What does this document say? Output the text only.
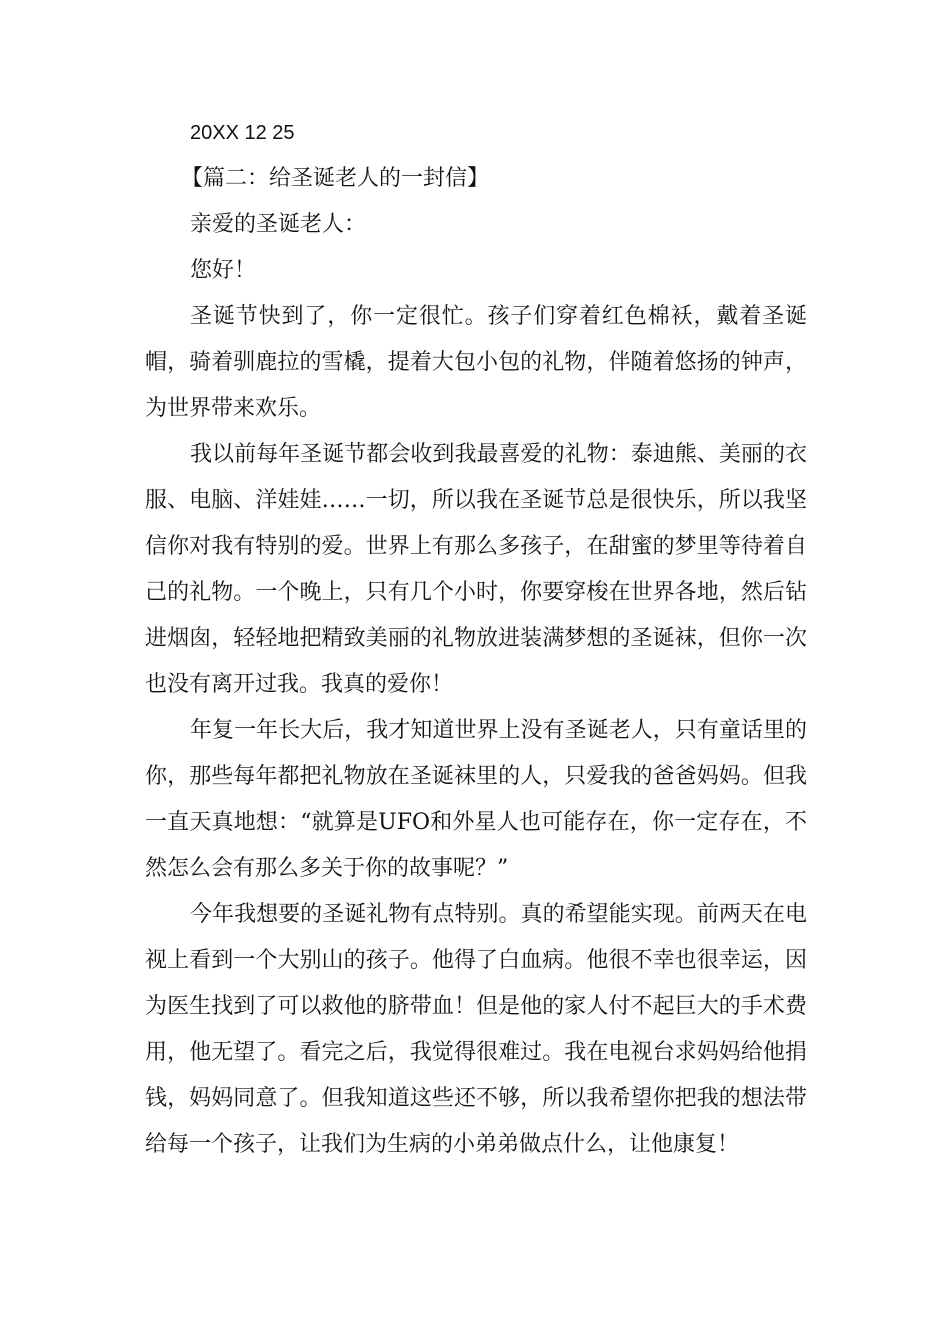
20XX 12 25

【篇二：给圣诞老人的一封信】

亲爱的圣诞老人：

您好！

圣诞节快到了，你一定很忙。孩子们穿着红色棉袄，戴着圣诞帽，骑着驯鹿拉的雪橇，提着大包小包的礼物，伴随着悠扬的钟声，为世界带来欢乐。

我以前每年圣诞节都会收到我最喜爱的礼物：泰迪熊、美丽的衣服、电脑、洋娃娃……一切，所以我在圣诞节总是很快乐，所以我坚信你对我有特别的爱。世界上有那么多孩子，在甜蜜的梦里等待着自己的礼物。一个晚上，只有几个小时，你要穿梭在世界各地，然后钻进烟囱，轻轻地把精致美丽的礼物放进装满梦想的圣诞袜，但你一次也没有离开过我。我真的爱你！

年复一年长大后，我才知道世界上没有圣诞老人，只有童话里的你，那些每年都把礼物放在圣诞袜里的人，只爱我的爸爸妈妈。但我一直天真地想：“就算是UFO和外星人也可能存在，你一定存在，不然怎么会有那么多关于你的故事呢？”

今年我想要的圣诞礼物有点特别。真的希望能实现。前两天在电视上看到一个大别山的孩子。他得了白血病。他很不幸也很幸运，因为医生找到了可以救他的脐带血！但是他的家人付不起巨大的手术费用，他无望了。看完之后，我觉得很难过。我在电视台求妈妈给他捐钱，妈妈同意了。但我知道这些还不够，所以我希望你把我的想法带给每一个孩子，让我们为生病的小弟弟做点什么，让他康复！
